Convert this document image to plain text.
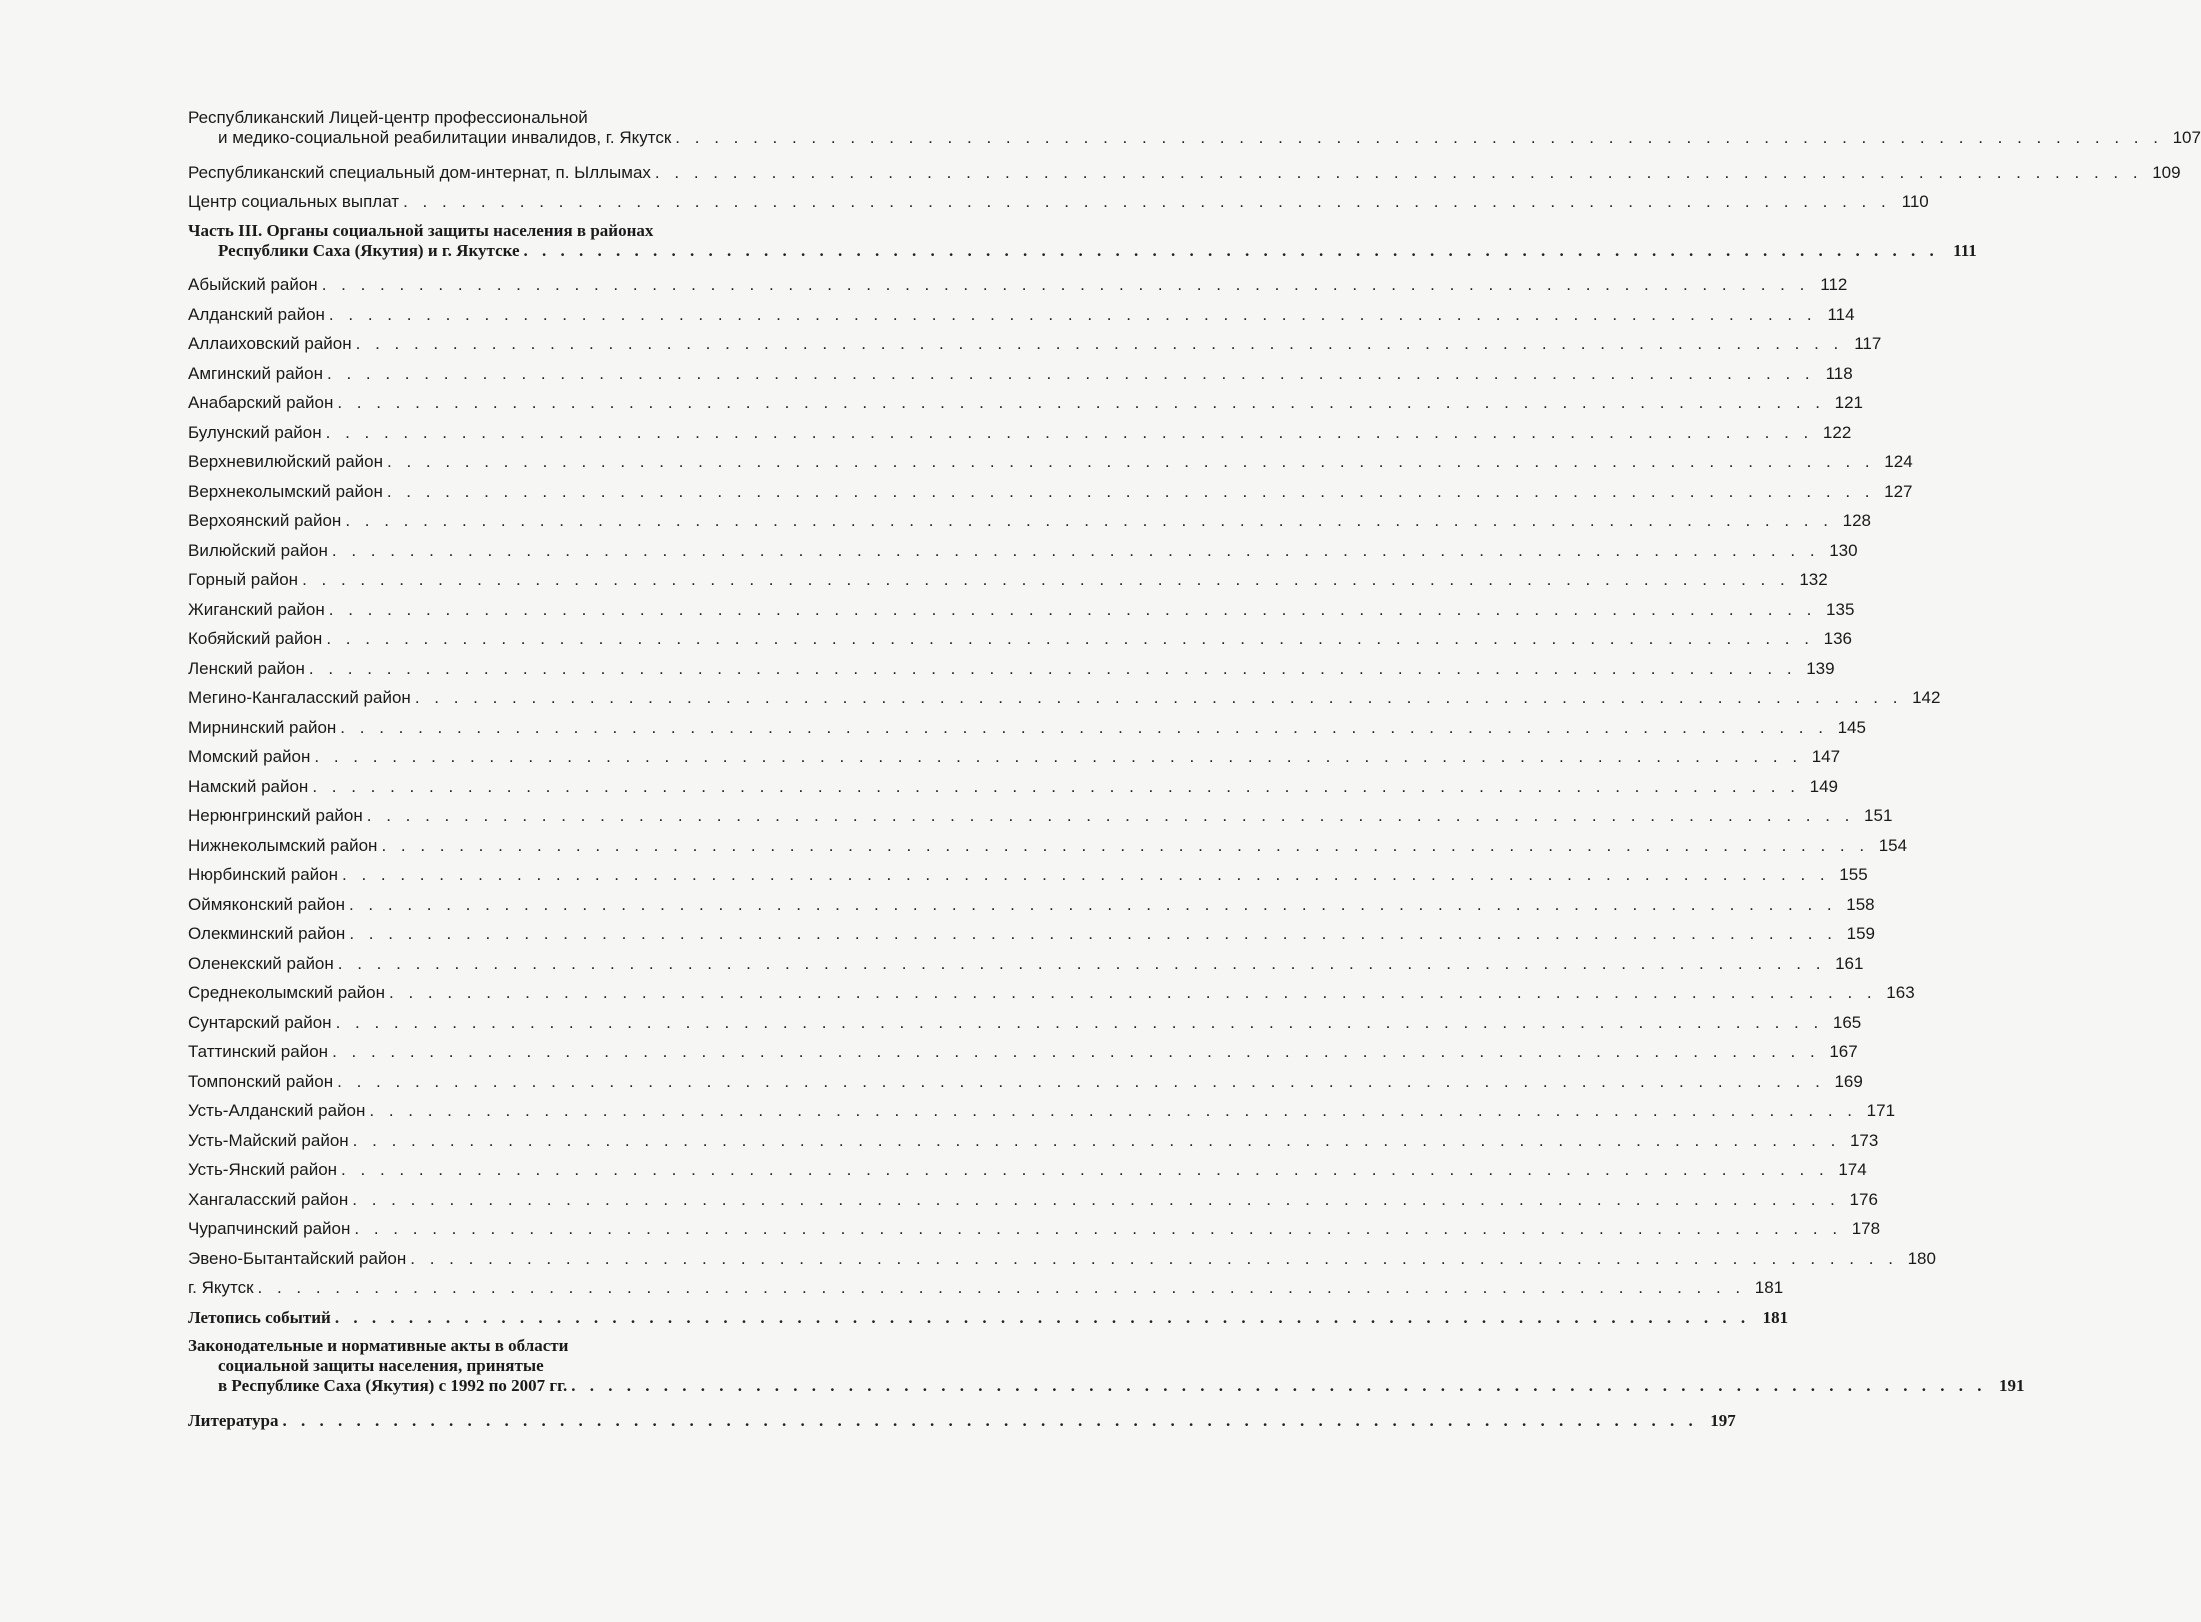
Республиканский Лицей-центр профессиональной
и медико-социальной реабилитации инвалидов, г. Якутск . . . . . . . . . . . . . . . . . . . . . . . . . . . . . . . . . . . . . . . . . . . . . . . . . . . . . . . . . . . . . . . . . . . . . . . . . . . . . 107
Республиканский специальный дом-интернат, п. Ыллымах . . . . . . . . . . . . . . . . . . . . . . . . . . . . . . . . . . . . . . . . . . . . . . . . . . . . . . . . . . . . . . . . . . . . . . . . . . . . . 109
Центр социальных выплат . . . . . . . . . . . . . . . . . . . . . . . . . . . . . . . . . . . . . . . . . . . . . . . . . . . . . . . . . . . . . . . . . . . . . . . . . . . . . 110
Часть III. Органы социальной защиты населения в районах
Республики Саха (Якутия) и г. Якутске . . . . . . . . . . . . . . . . . . . . . . . . . . . . . . . . . . . . . . . . . . . . . . . . . . . . . . . . . . . . . . . . . . . . . . . . . . . . . 111
Абыйский район . . . . . . . . . . . . . . . . . . . . . . . . . . . . . . . . . . . . . . . . . . . . . . . . . . . . . . . . . . . . . . . . . . . . . . . . . . . . . 112
Алданский район . . . . . . . . . . . . . . . . . . . . . . . . . . . . . . . . . . . . . . . . . . . . . . . . . . . . . . . . . . . . . . . . . . . . . . . . . . . . . 114
Аллаиховский район . . . . . . . . . . . . . . . . . . . . . . . . . . . . . . . . . . . . . . . . . . . . . . . . . . . . . . . . . . . . . . . . . . . . . . . . . . . . . 117
Амгинский район . . . . . . . . . . . . . . . . . . . . . . . . . . . . . . . . . . . . . . . . . . . . . . . . . . . . . . . . . . . . . . . . . . . . . . . . . . . . . 118
Анабарский район . . . . . . . . . . . . . . . . . . . . . . . . . . . . . . . . . . . . . . . . . . . . . . . . . . . . . . . . . . . . . . . . . . . . . . . . . . . . . 121
Булунский район . . . . . . . . . . . . . . . . . . . . . . . . . . . . . . . . . . . . . . . . . . . . . . . . . . . . . . . . . . . . . . . . . . . . . . . . . . . . . 122
Верхневилюйский район . . . . . . . . . . . . . . . . . . . . . . . . . . . . . . . . . . . . . . . . . . . . . . . . . . . . . . . . . . . . . . . . . . . . . . . . . . . . . 124
Верхнеколымский район . . . . . . . . . . . . . . . . . . . . . . . . . . . . . . . . . . . . . . . . . . . . . . . . . . . . . . . . . . . . . . . . . . . . . . . . . . . . . 127
Верхоянский район . . . . . . . . . . . . . . . . . . . . . . . . . . . . . . . . . . . . . . . . . . . . . . . . . . . . . . . . . . . . . . . . . . . . . . . . . . . . . 128
Вилюйский район . . . . . . . . . . . . . . . . . . . . . . . . . . . . . . . . . . . . . . . . . . . . . . . . . . . . . . . . . . . . . . . . . . . . . . . . . . . . . 130
Горный район . . . . . . . . . . . . . . . . . . . . . . . . . . . . . . . . . . . . . . . . . . . . . . . . . . . . . . . . . . . . . . . . . . . . . . . . . . . . . 132
Жиганский район . . . . . . . . . . . . . . . . . . . . . . . . . . . . . . . . . . . . . . . . . . . . . . . . . . . . . . . . . . . . . . . . . . . . . . . . . . . . . 135
Кобяйский район . . . . . . . . . . . . . . . . . . . . . . . . . . . . . . . . . . . . . . . . . . . . . . . . . . . . . . . . . . . . . . . . . . . . . . . . . . . . . 136
Ленский район . . . . . . . . . . . . . . . . . . . . . . . . . . . . . . . . . . . . . . . . . . . . . . . . . . . . . . . . . . . . . . . . . . . . . . . . . . . . . 139
Мегино-Кангаласский район . . . . . . . . . . . . . . . . . . . . . . . . . . . . . . . . . . . . . . . . . . . . . . . . . . . . . . . . . . . . . . . . . . . . . . . . . . . . . 142
Мирнинский район . . . . . . . . . . . . . . . . . . . . . . . . . . . . . . . . . . . . . . . . . . . . . . . . . . . . . . . . . . . . . . . . . . . . . . . . . . . . . 145
Момский район . . . . . . . . . . . . . . . . . . . . . . . . . . . . . . . . . . . . . . . . . . . . . . . . . . . . . . . . . . . . . . . . . . . . . . . . . . . . . 147
Намский район . . . . . . . . . . . . . . . . . . . . . . . . . . . . . . . . . . . . . . . . . . . . . . . . . . . . . . . . . . . . . . . . . . . . . . . . . . . . . 149
Нерюнгринский район . . . . . . . . . . . . . . . . . . . . . . . . . . . . . . . . . . . . . . . . . . . . . . . . . . . . . . . . . . . . . . . . . . . . . . . . . . . . . 151
Нижнеколымский район . . . . . . . . . . . . . . . . . . . . . . . . . . . . . . . . . . . . . . . . . . . . . . . . . . . . . . . . . . . . . . . . . . . . . . . . . . . . . 154
Нюрбинский район . . . . . . . . . . . . . . . . . . . . . . . . . . . . . . . . . . . . . . . . . . . . . . . . . . . . . . . . . . . . . . . . . . . . . . . . . . . . . 155
Оймяконский район . . . . . . . . . . . . . . . . . . . . . . . . . . . . . . . . . . . . . . . . . . . . . . . . . . . . . . . . . . . . . . . . . . . . . . . . . . . . . 158
Олекминский район . . . . . . . . . . . . . . . . . . . . . . . . . . . . . . . . . . . . . . . . . . . . . . . . . . . . . . . . . . . . . . . . . . . . . . . . . . . . . 159
Оленекский район . . . . . . . . . . . . . . . . . . . . . . . . . . . . . . . . . . . . . . . . . . . . . . . . . . . . . . . . . . . . . . . . . . . . . . . . . . . . . 161
Среднеколымский район . . . . . . . . . . . . . . . . . . . . . . . . . . . . . . . . . . . . . . . . . . . . . . . . . . . . . . . . . . . . . . . . . . . . . . . . . . . . . 163
Сунтарский район . . . . . . . . . . . . . . . . . . . . . . . . . . . . . . . . . . . . . . . . . . . . . . . . . . . . . . . . . . . . . . . . . . . . . . . . . . . . . 165
Таттинский район . . . . . . . . . . . . . . . . . . . . . . . . . . . . . . . . . . . . . . . . . . . . . . . . . . . . . . . . . . . . . . . . . . . . . . . . . . . . . 167
Томпонский район . . . . . . . . . . . . . . . . . . . . . . . . . . . . . . . . . . . . . . . . . . . . . . . . . . . . . . . . . . . . . . . . . . . . . . . . . . . . . 169
Усть-Алданский район . . . . . . . . . . . . . . . . . . . . . . . . . . . . . . . . . . . . . . . . . . . . . . . . . . . . . . . . . . . . . . . . . . . . . . . . . . . . . 171
Усть-Майский район . . . . . . . . . . . . . . . . . . . . . . . . . . . . . . . . . . . . . . . . . . . . . . . . . . . . . . . . . . . . . . . . . . . . . . . . . . . . . 173
Усть-Янский район . . . . . . . . . . . . . . . . . . . . . . . . . . . . . . . . . . . . . . . . . . . . . . . . . . . . . . . . . . . . . . . . . . . . . . . . . . . . . 174
Хангаласский район . . . . . . . . . . . . . . . . . . . . . . . . . . . . . . . . . . . . . . . . . . . . . . . . . . . . . . . . . . . . . . . . . . . . . . . . . . . . . 176
Чурапчинский район . . . . . . . . . . . . . . . . . . . . . . . . . . . . . . . . . . . . . . . . . . . . . . . . . . . . . . . . . . . . . . . . . . . . . . . . . . . . . 178
Эвено-Бытантайский район . . . . . . . . . . . . . . . . . . . . . . . . . . . . . . . . . . . . . . . . . . . . . . . . . . . . . . . . . . . . . . . . . . . . . . . . . . . . . 180
г. Якутск . . . . . . . . . . . . . . . . . . . . . . . . . . . . . . . . . . . . . . . . . . . . . . . . . . . . . . . . . . . . . . . . . . . . . . . . . . . . . 181
Летопись событий . . . . . . . . . . . . . . . . . . . . . . . . . . . . . . . . . . . . . . . . . . . . . . . . . . . . . . . . . . . . . . . . . . . . . . . . . . . . . 181
Законодательные и нормативные акты в области
социальной защиты населения, принятые
в Республике Саха (Якутия) с 1992 по 2007 гг. . . . . . . . . . . . . . . . . . . . . . . . . . . . . . . . . . . . . . . . . . . . . . . . . . . . . . . . . . . . . . . . . . . . . . . . . . . . . . 191
Литература . . . . . . . . . . . . . . . . . . . . . . . . . . . . . . . . . . . . . . . . . . . . . . . . . . . . . . . . . . . . . . . . . . . . . . . . . . . . . 197
